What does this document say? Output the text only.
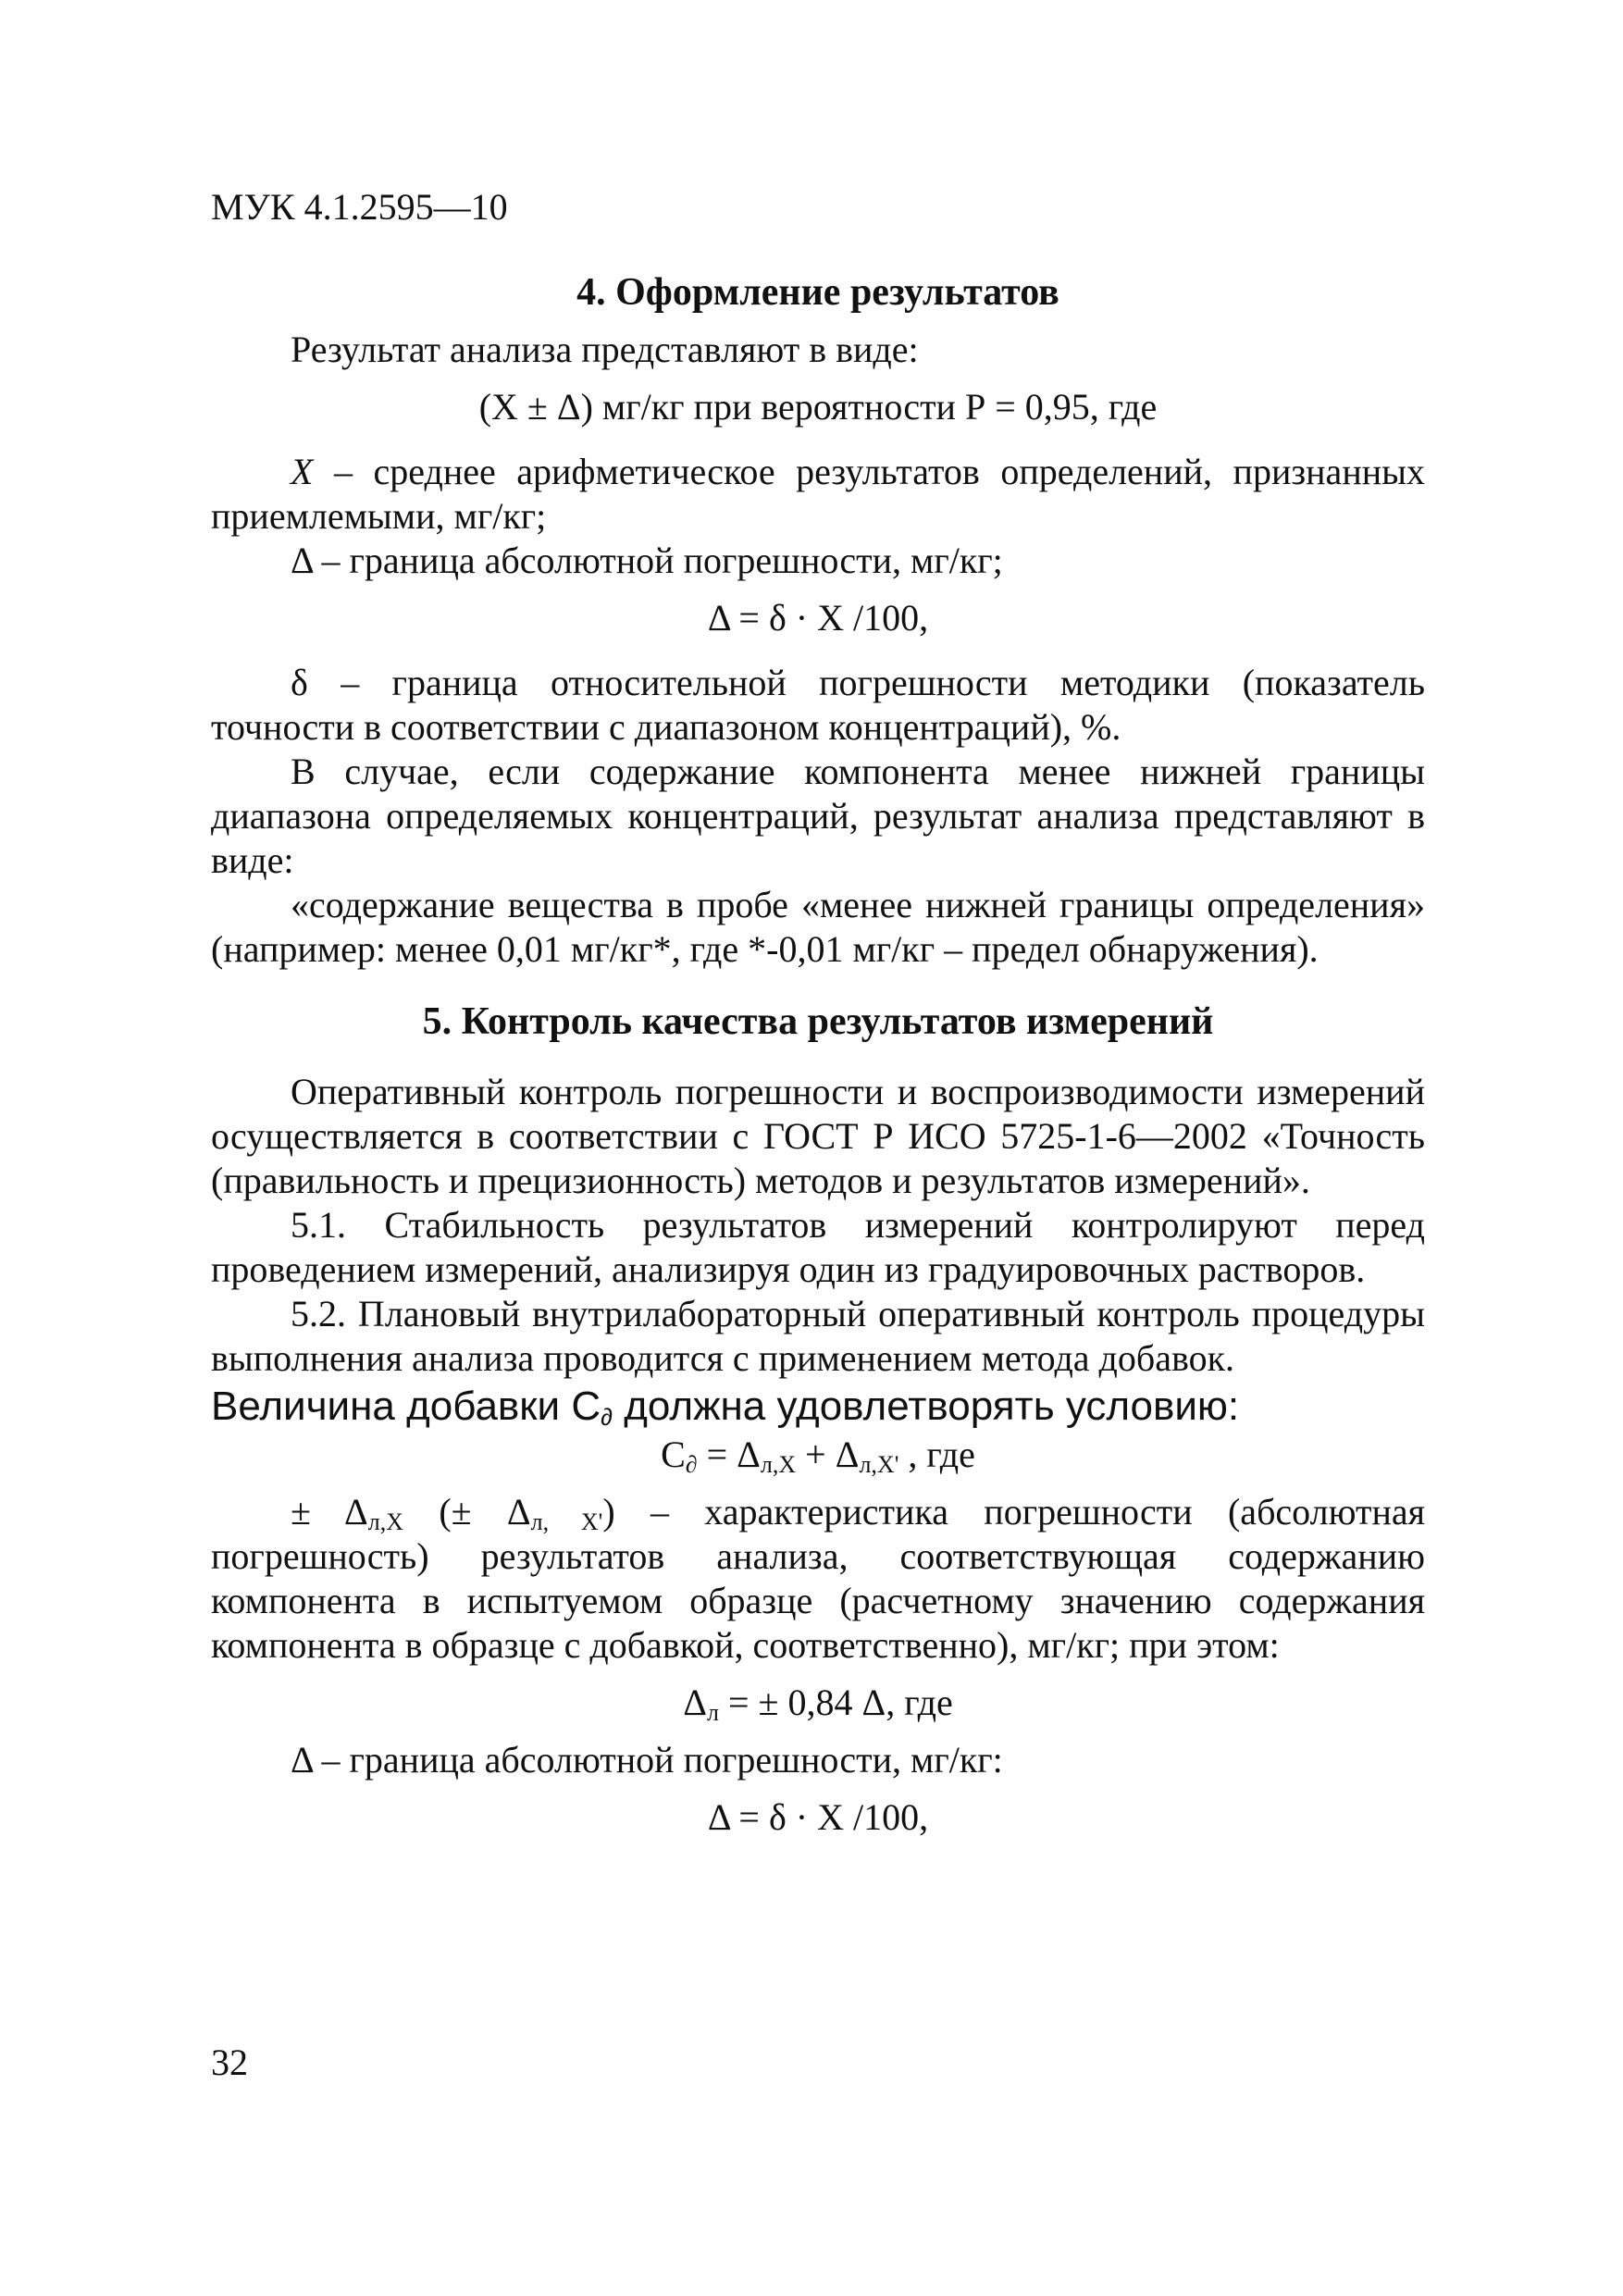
МУК 4.1.2595—10
4. Оформление результатов

Результат анализа представляют в виде:

(Х ± Δ) мг/кг при вероятности Р = 0,95, где

X – среднее арифметическое результатов определений, признанных приемлемыми, мг/кг;

Δ – граница абсолютной погрешности, мг/кг;

Δ = δ · Х /100,

δ – граница относительной погрешности методики (показатель точности в соответствии с диапазоном концентраций), %.

В случае, если содержание компонента менее нижней границы диапазона определяемых концентраций, результат анализа представляют в виде:

«содержание вещества в пробе «менее нижней границы определения» (например: менее 0,01 мг/кг*, где *-0,01 мг/кг – предел обнаружения).

5. Контроль качества результатов измерений

Оперативный контроль погрешности и воспроизводимости измерений осуществляется в соответствии с ГОСТ Р ИСО 5725-1-6—2002 «Точность (правильность и прецизионность) методов и результатов измерений».

5.1. Стабильность результатов измерений контролируют перед проведением измерений, анализируя один из градуировочных растворов.

5.2. Плановый внутрилабораторный оперативный контроль процедуры выполнения анализа проводится с применением метода добавок.

Величина добавки $С_\partial$ должна удовлетворять условию:

$С_\partial = \Delta_{л,Х} + \Delta_{л,Х'}$ , где

± $\Delta_{л,Х}$ (± $\Delta_{л, Х'}$) – характеристика погрешности (абсолютная погрешность) результатов анализа, соответствующая содержанию компонента в испытуемом образце (расчетному значению содержания компонента в образце с добавкой, соответственно), мг/кг; при этом:

$\Delta_л$ = ± 0,84 Δ, где

Δ – граница абсолютной погрешности, мг/кг:

Δ = δ · Х /100,

32
